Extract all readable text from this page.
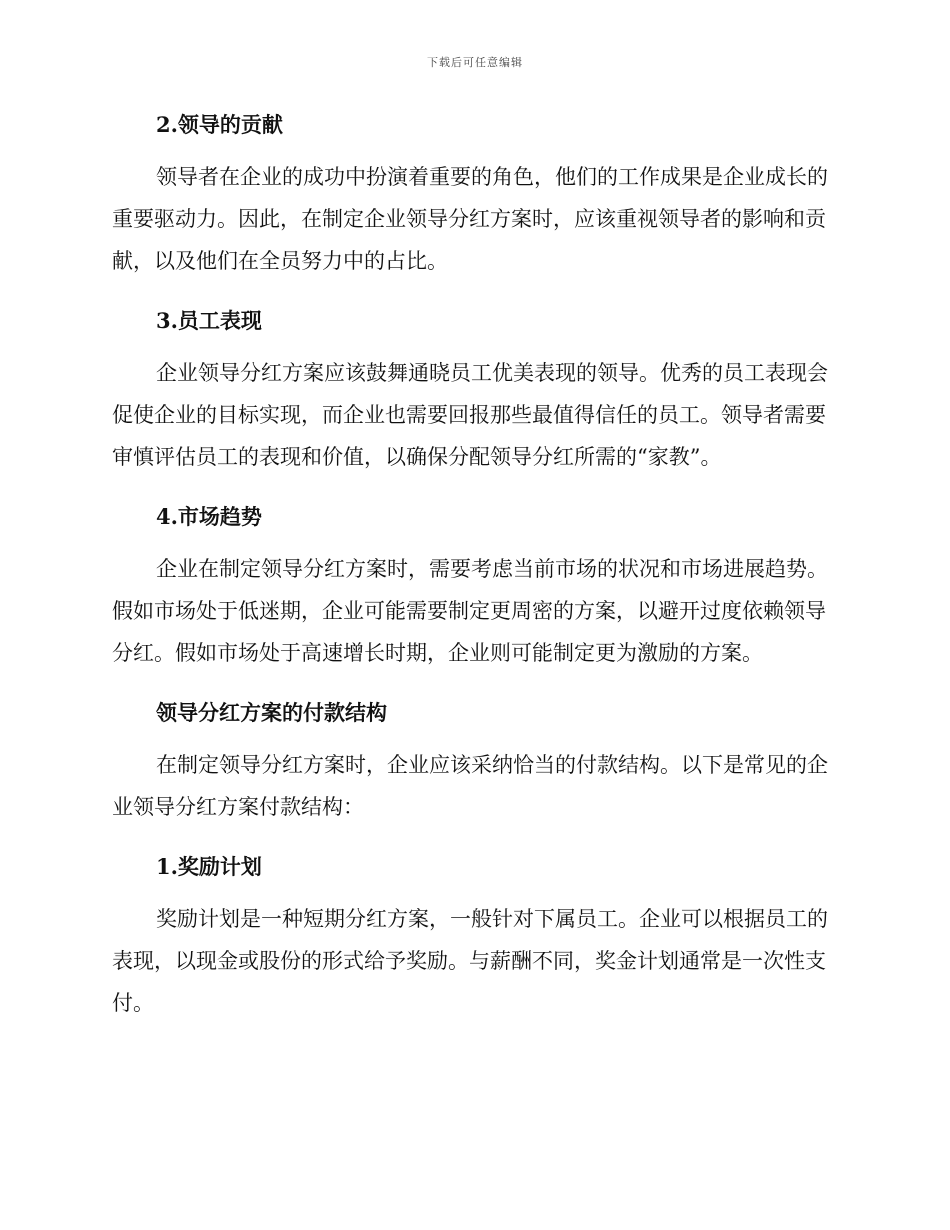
下载后可任意编辑
2.领导的贡献

领导者在企业的成功中扮演着重要的角色，他们的工作成果是企业成长的重要驱动力。因此，在制定企业领导分红方案时，应该重视领导者的影响和贡献，以及他们在全员努力中的占比。

3.员工表现

企业领导分红方案应该鼓舞通晓员工优美表现的领导。优秀的员工表现会促使企业的目标实现，而企业也需要回报那些最值得信任的员工。领导者需要审慎评估员工的表现和价值，以确保分配领导分红所需的“家教”。

4.市场趋势

企业在制定领导分红方案时，需要考虑当前市场的状况和市场进展趋势。假如市场处于低迷期，企业可能需要制定更周密的方案，以避开过度依赖领导分红。假如市场处于高速增长时期，企业则可能制定更为激励的方案。

领导分红方案的付款结构

在制定领导分红方案时，企业应该采纳恰当的付款结构。以下是常见的企业领导分红方案付款结构：

1.奖励计划

奖励计划是一种短期分红方案，一般针对下属员工。企业可以根据员工的表现，以现金或股份的形式给予奖励。与薪酬不同，奖金计划通常是一次性支付。
